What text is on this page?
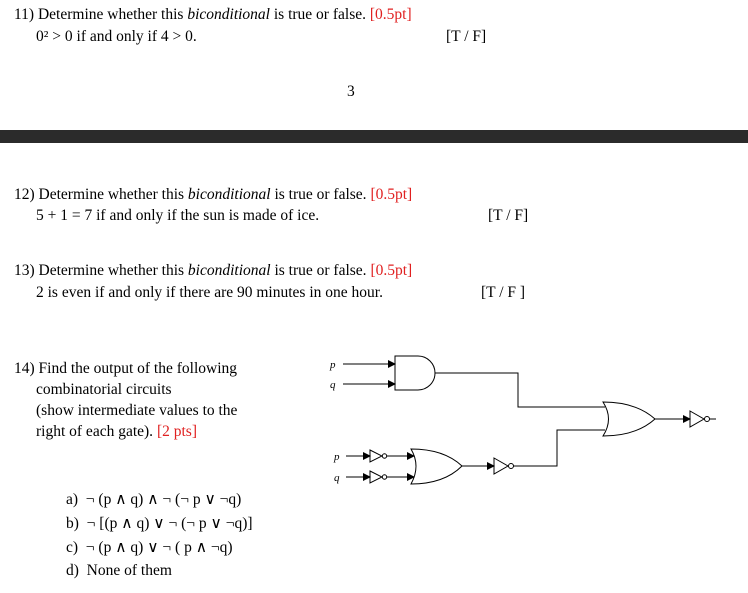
11) Determine whether this biconditional is true or false. [0.5pt]
0² > 0 if and only if 4 > 0.	[T / F]
3
12) Determine whether this biconditional is true or false. [0.5pt]
5 + 1 = 7 if and only if the sun is made of ice.	[T / F]
13) Determine whether this biconditional is true or false. [0.5pt]
2 is even if and only if there are 90 minutes in one hour.	[T / F ]
14) Find the output of the following
combinatorial circuits
(show intermediate values to the
right of each gate). [2 pts]
a) ¬ (p ∧ q) ∧ ¬ (¬ p ∨ ¬q)
b) ¬ [(p ∧ q) ∨ ¬ (¬ p ∨ ¬q)]
c) ¬ (p ∧ q) ∨ ¬ ( p ∧ ¬q)
d) None of them
p
q
p
q
